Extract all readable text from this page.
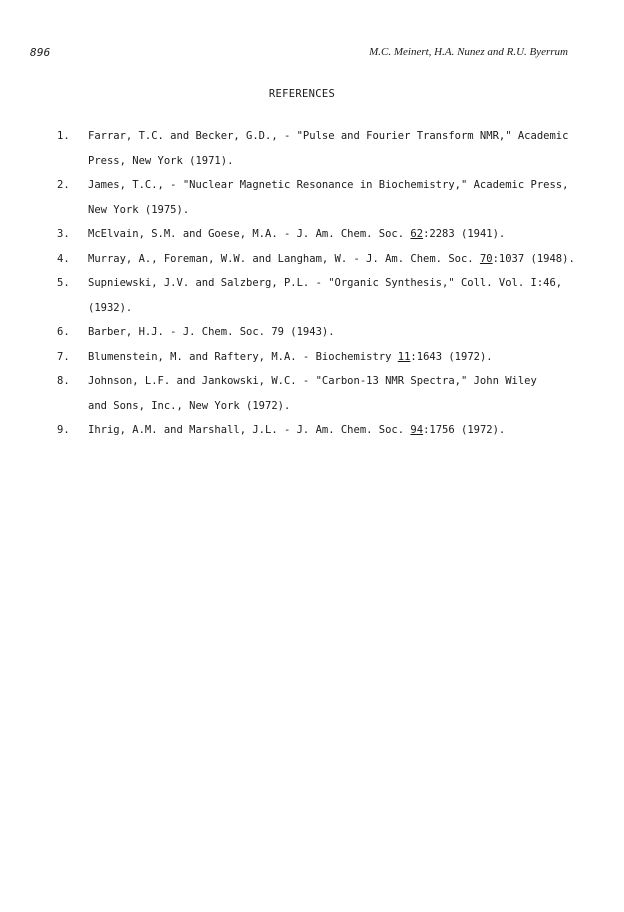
896	M.C. Meinert, H.A. Nunez and R.U. Byerrum
REFERENCES
1. Farrar, T.C. and Becker, G.D., - "Pulse and Fourier Transform NMR," Academic
Press, New York (1971).
2. James, T.C., - "Nuclear Magnetic Resonance in Biochemistry," Academic Press,
New York (1975).
3. McElvain, S.M. and Goese, M.A. - J. Am. Chem. Soc. 62:2283 (1941).
4. Murray, A., Foreman, W.W. and Langham, W. - J. Am. Chem. Soc. 70:1037 (1948).
5. Supniewski, J.V. and Salzberg, P.L. - "Organic Synthesis," Coll. Vol. I:46,
(1932).
6. Barber, H.J. - J. Chem. Soc. 79 (1943).
7. Blumenstein, M. and Raftery, M.A. - Biochemistry 11:1643 (1972).
8. Johnson, L.F. and Jankowski, W.C. - "Carbon-13 NMR Spectra," John Wiley
and Sons, Inc., New York (1972).
9. Ihrig, A.M. and Marshall, J.L. - J. Am. Chem. Soc. 94:1756 (1972).
